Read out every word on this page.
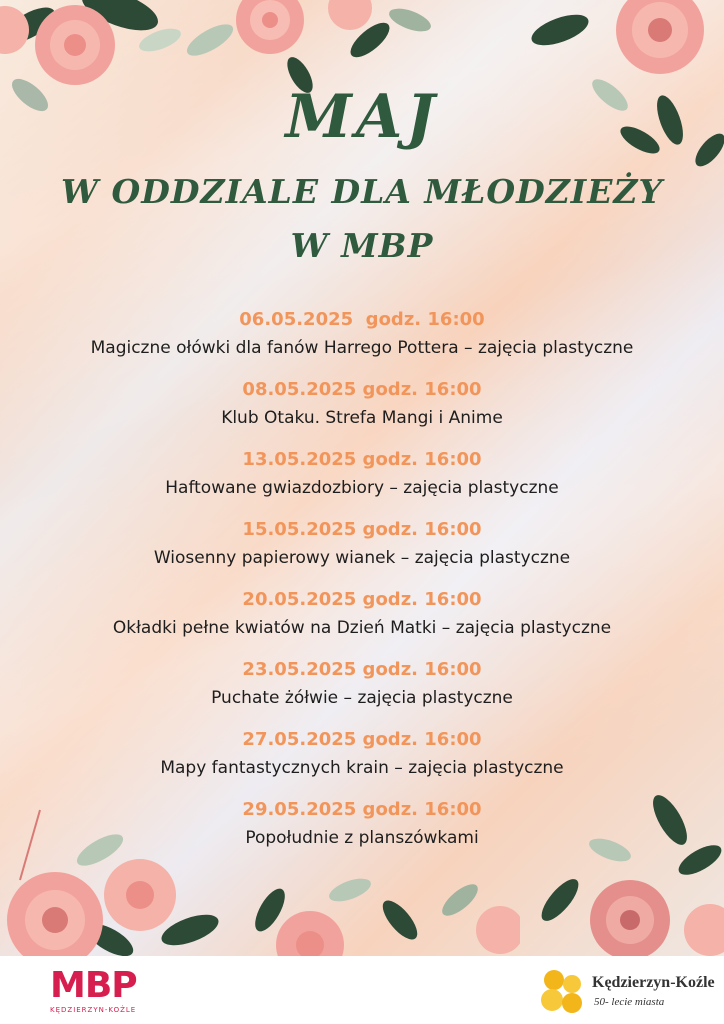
MAJ
W ODDZIALE DLA MŁODZIEŻY
W MBP
06.05.2025  godz. 16:00
Magiczne ołówki dla fanów Harrego Pottera – zajęcia plastyczne
08.05.2025 godz. 16:00
Klub Otaku. Strefa Mangi i Anime
13.05.2025 godz. 16:00
Haftowane gwiazdozbiory – zajęcia plastyczne
15.05.2025 godz. 16:00
Wiosenny papierowy wianek – zajęcia plastyczne
20.05.2025 godz. 16:00
Okładki pełne kwiatów na Dzień Matki – zajęcia plastyczne
23.05.2025 godz. 16:00
Puchate żółwie – zajęcia plastyczne
27.05.2025 godz. 16:00
Mapy fantastycznych krain – zajęcia plastyczne
29.05.2025 godz. 16:00
Popołudnie z planszówkami
MBP
KĘDZIERZYN-KOŹLE
Kędzierzyn-Koźle
50- lecie miasta
